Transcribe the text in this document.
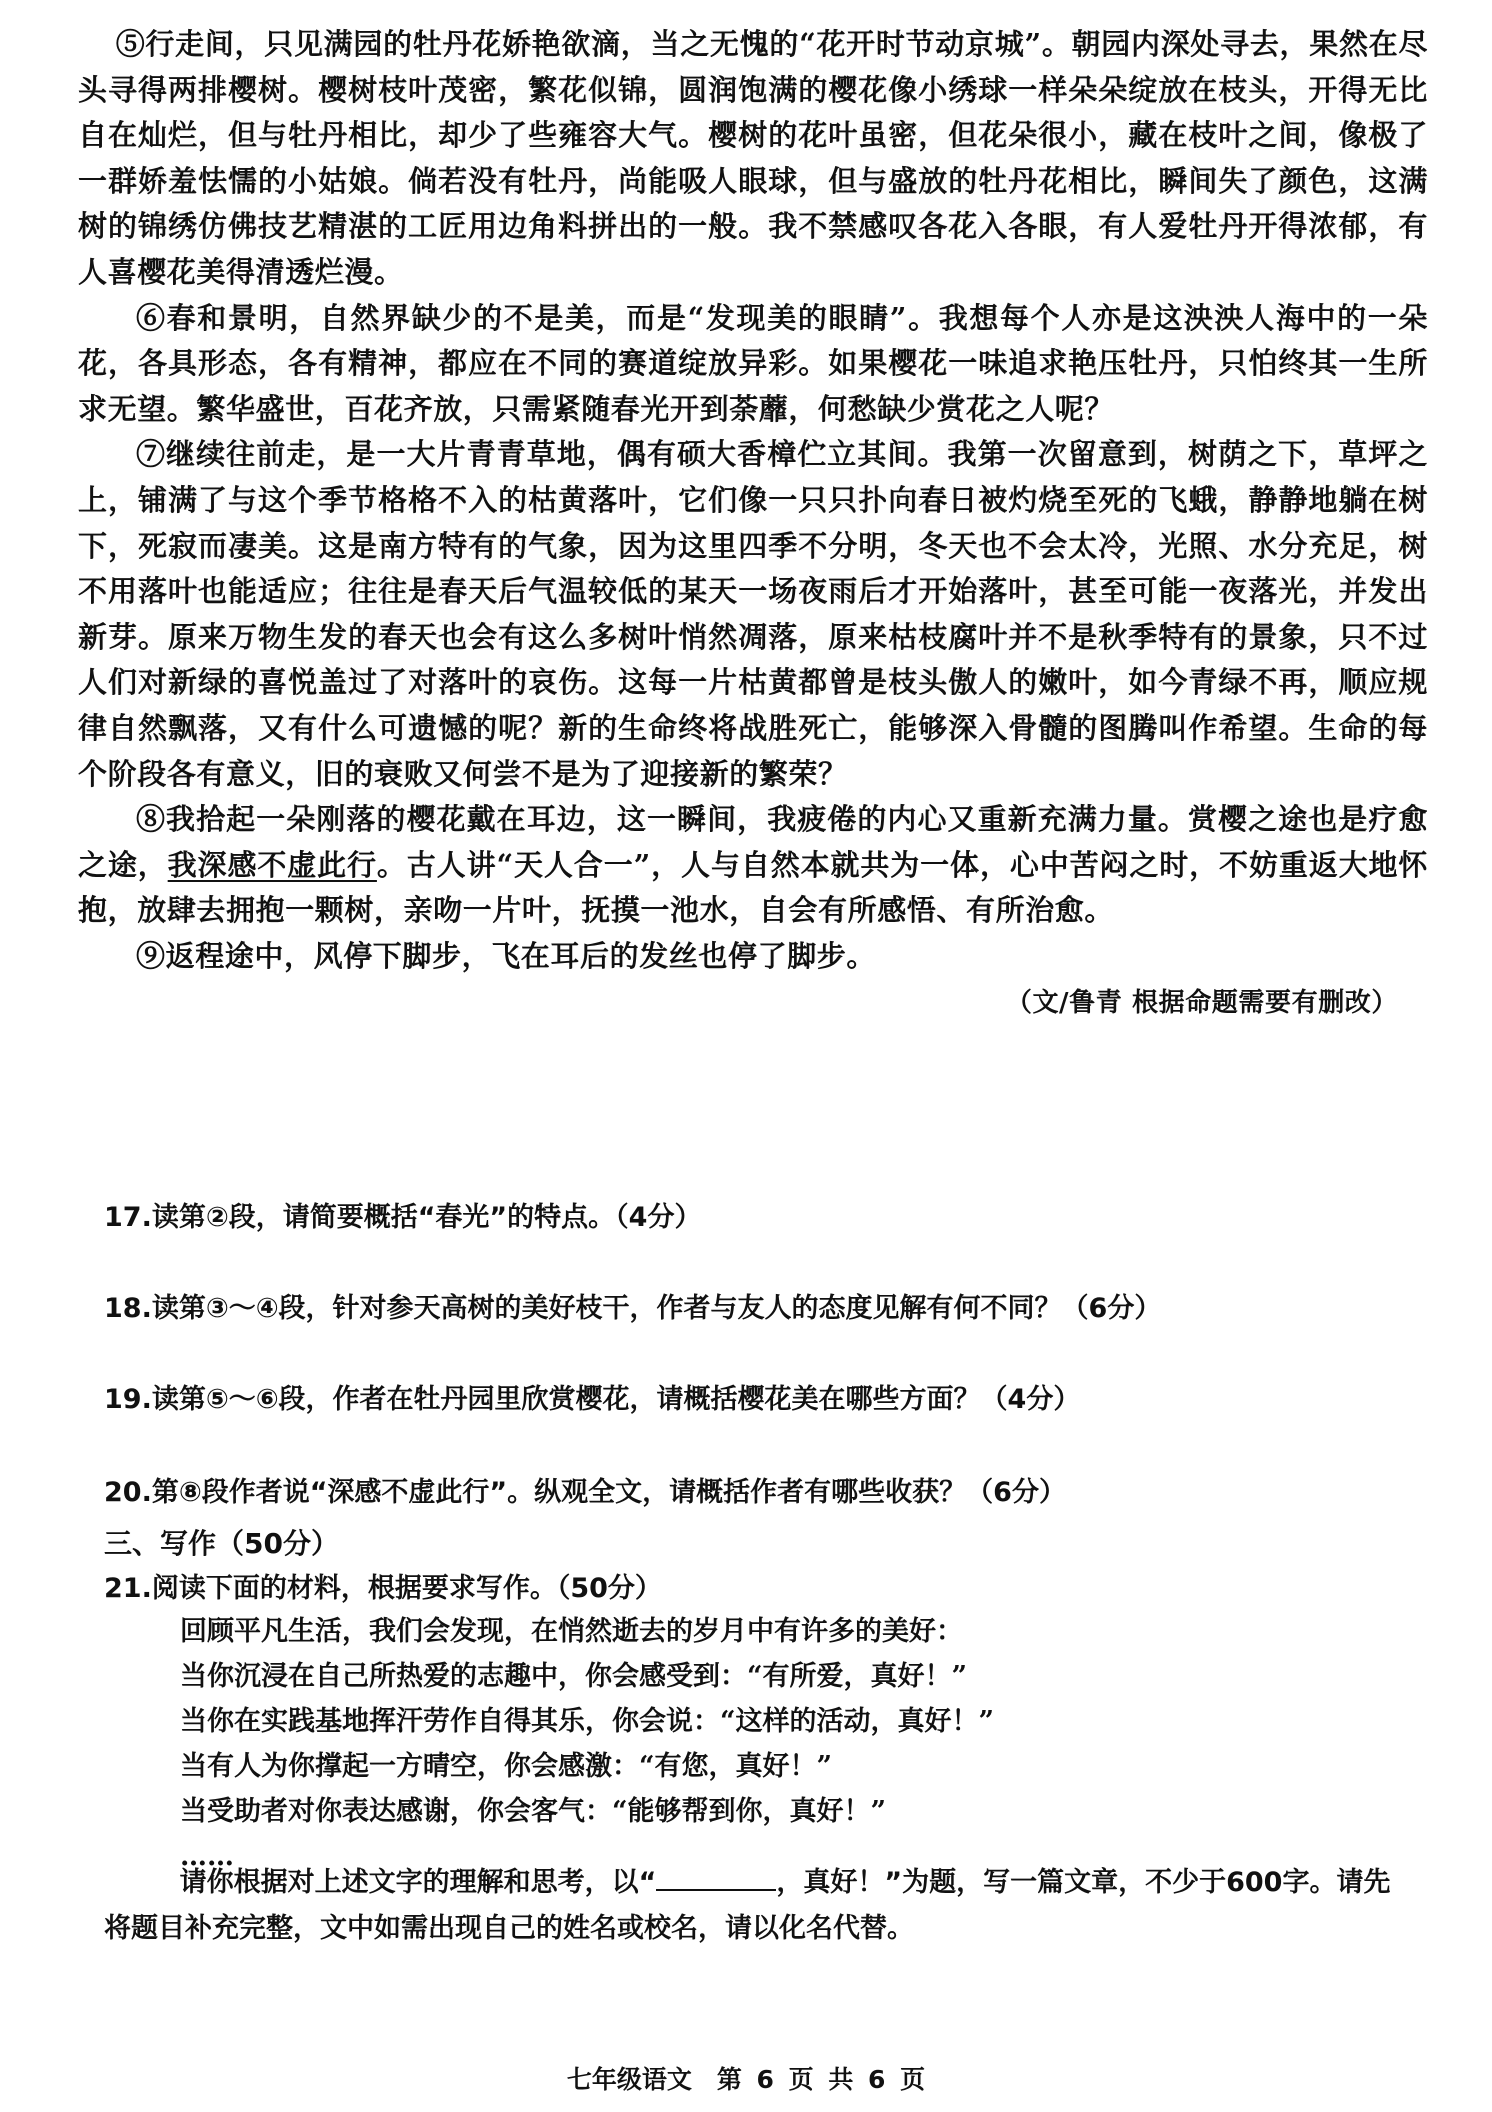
⑤行走间，只见满园的牡丹花娇艳欲滴，当之无愧的“花开时节动京城”。朝园内深处寻去，果然在尽头寻得两排樱树。樱树枝叶茂密，繁花似锦，圆润饱满的樱花像小绣球一样朵朵绽放在枝头，开得无比自在灿烂，但与牡丹相比，却少了些雍容大气。樱树的花叶虽密，但花朵很小，藏在枝叶之间，像极了一群娇羞怯懦的小姑娘。倘若没有牡丹，尚能吸人眼球，但与盛放的牡丹花相比，瞬间失了颜色，这满树的锦绣仿佛技艺精湛的工匠用边角料拼出的一般。我不禁感叹各花入各眼，有人爱牡丹开得浓郁，有人喜樱花美得清透烂漫。

⑥春和景明，自然界缺少的不是美，而是“发现美的眼睛”。我想每个人亦是这泱泱人海中的一朵花，各具形态，各有精神，都应在不同的赛道绽放异彩。如果樱花一味追求艳压牡丹，只怕终其一生所求无望。繁华盛世，百花齐放，只需紧随春光开到荼蘼，何愁缺少赏花之人呢？

⑦继续往前走，是一大片青青草地，偶有硕大香樟伫立其间。我第一次留意到，树荫之下，草坪之上，铺满了与这个季节格格不入的枯黄落叶，它们像一只只扑向春日被灼烧至死的飞蛾，静静地躺在树下，死寂而凄美。这是南方特有的气象，因为这里四季不分明，冬天也不会太冷，光照、水分充足，树不用落叶也能适应；往往是春天后气温较低的某天一场夜雨后才开始落叶，甚至可能一夜落光，并发出新芽。原来万物生发的春天也会有这么多树叶悄然凋落，原来枯枝腐叶并不是秋季特有的景象，只不过人们对新绿的喜悦盖过了对落叶的哀伤。这每一片枯黄都曾是枝头傲人的嫩叶，如今青绿不再，顺应规律自然飘落，又有什么可遗憾的呢？新的生命终将战胜死亡，能够深入骨髓的图腾叫作希望。生命的每个阶段各有意义，旧的衰败又何尝不是为了迎接新的繁荣？

⑧我拾起一朵刚落的樱花戴在耳边，这一瞬间，我疲倦的内心又重新充满力量。赏樱之途也是疗愈之途，我深感不虚此行。古人讲“天人合一”，人与自然本就共为一体，心中苦闷之时，不妨重返大地怀抱，放肆去拥抱一颗树，亲吻一片叶，抚摸一池水，自会有所感悟、有所治愈。

⑨返程途中，风停下脚步，飞在耳后的发丝也停了脚步。

（文/鲁青 根据命题需要有删改）
17.读第②段，请简要概括“春光”的特点。（4分）
18.读第③～④段，针对参天高树的美好枝干，作者与友人的态度见解有何不同？（6分）
19.读第⑤～⑥段，作者在牡丹园里欣赏樱花，请概括樱花美在哪些方面？（4分）
20.第⑧段作者说“深感不虚此行”。纵观全文，请概括作者有哪些收获？（6分）
三、写作（50分）
21.阅读下面的材料，根据要求写作。（50分）
回顾平凡生活，我们会发现，在悄然逝去的岁月中有许多的美好：
当你沉浸在自己所热爱的志趣中，你会感受到：“有所爱，真好！”
当你在实践基地挥汗劳作自得其乐，你会说：“这样的活动，真好！”
当有人为你撑起一方晴空，你会感激：“有您，真好！”
当受助者对你表达感谢，你会客气：“能够帮到你，真好！”
……
请你根据对上述文字的理解和思考，以“	，真好！”为题，写一篇文章，不少于600字。请先将题目补充完整，文中如需出现自己的姓名或校名，请以化名代替。
七年级语文　第 6 页 共 6 页
